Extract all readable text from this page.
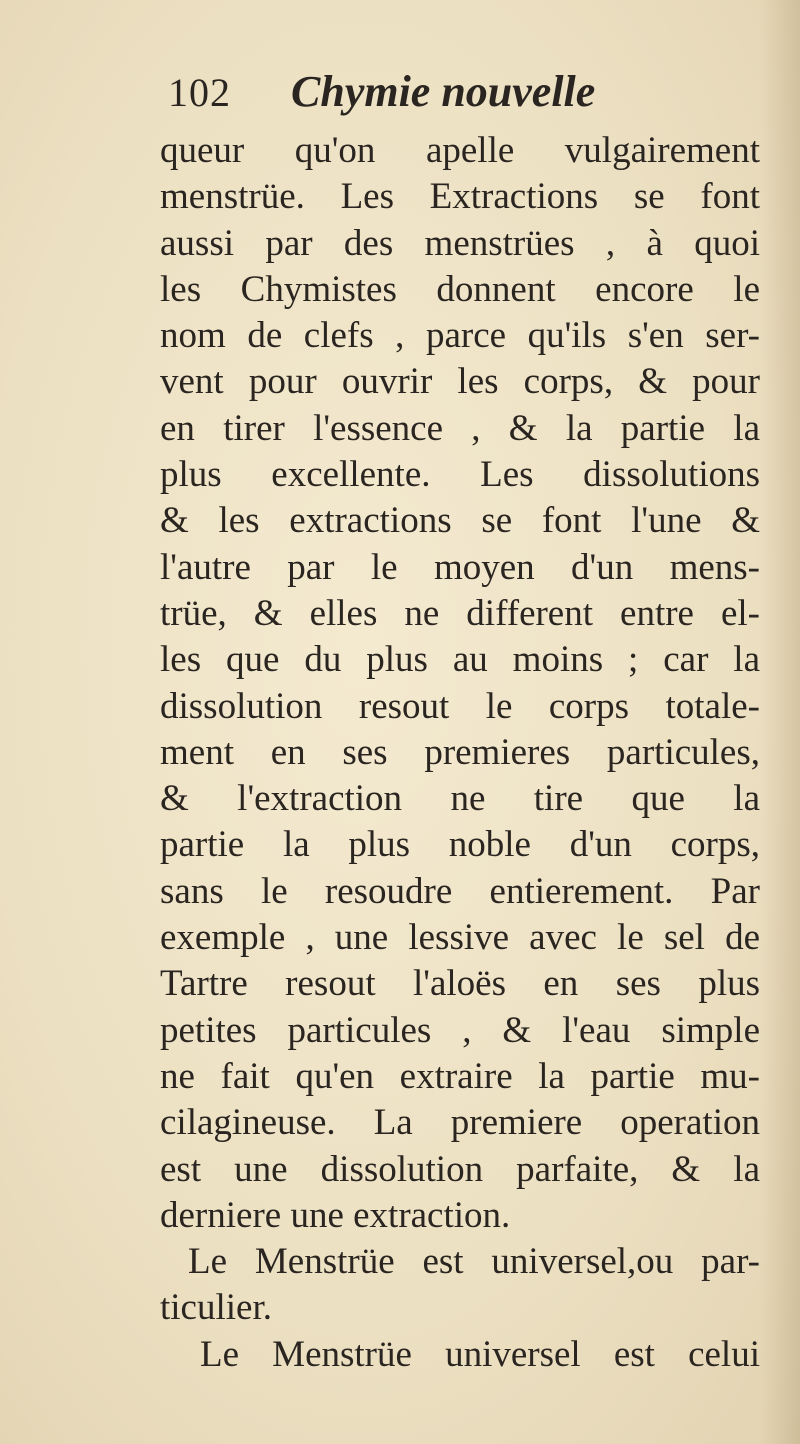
102 Chymie nouvelle
queur qu'on apelle vulgairement
menstrüe. Les Extractions se font
aussi par des menstrües , à quoi
les Chymistes donnent encore le
nom de clefs , parce qu'ils s'en ser-
vent pour ouvrir les corps, & pour
en tirer l'essence , & la partie la
plus excellente. Les dissolutions
& les extractions se font l'une &
l'autre par le moyen d'un mens-
trüe, & elles ne different entre el-
les que du plus au moins ; car la
dissolution resout le corps totale-
ment en ses premieres particules,
& l'extraction ne tire que la
partie la plus noble d'un corps,
sans le resoudre entierement. Par
exemple , une lessive avec le sel de
Tartre resout l'aloës en ses plus
petites particules , & l'eau simple
ne fait qu'en extraire la partie mu-
cilagineuse. La premiere operation
est une dissolution parfaite, & la
derniere une extraction.
Le Menstrüe est universel,ou par-
ticulier.
Le Menstrüe universel est celui
